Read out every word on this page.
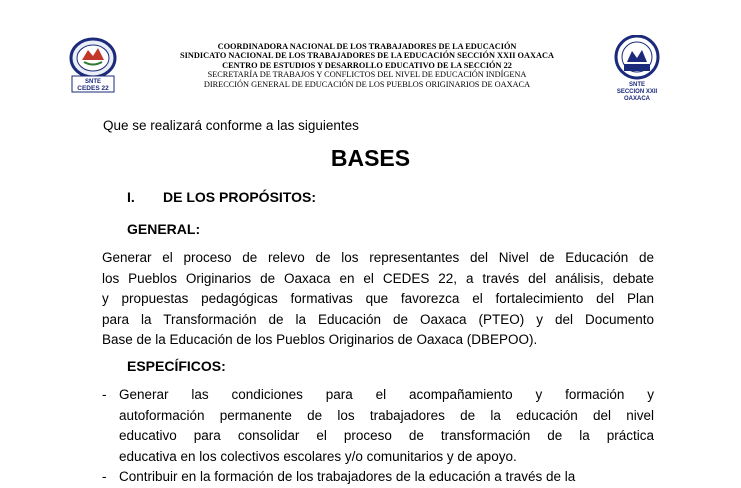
SNTE
CEDES 22
COORDINADORA NACIONAL DE LOS TRABAJADORES DE LA EDUCACIÓN
SINDICATO NACIONAL DE LOS TRABAJADORES DE LA EDUCACIÓN SECCIÓN XXII OAXACA
CENTRO DE ESTUDIOS Y DESARROLLO EDUCATIVO DE LA SECCIÓN 22
SECRETARÍA DE TRABAJOS Y CONFLICTOS DEL NIVEL DE EDUCACIÓN INDÍGENA
DIRECCIÓN GENERAL DE EDUCACIÓN DE LOS PUEBLOS ORIGINARIOS DE OAXACA	SNTE
SECCION XXII
OAXACA
Que se realizará conforme a las siguientes
BASES
I. DE LOS PROPÓSITOS:
GENERAL:
Generar el proceso de relevo de los representantes del Nivel de Educación de
los Pueblos Originarios de Oaxaca en el CEDES 22, a través del análisis, debate
y propuestas pedagógicas formativas que favorezca el fortalecimiento del Plan
para la Transformación de la Educación de Oaxaca (PTEO) y del Documento
Base de la Educación de los Pueblos Originarios de Oaxaca (DBEPOO).
ESPECÍFICOS:
- Generar las condiciones para el acompañamiento y formación y
autoformación permanente de los trabajadores de la educación del nivel
educativo para consolidar el proceso de transformación de la práctica
educativa en los colectivos escolares y/o comunitarios y de apoyo.
- Contribuir en la formación de los trabajadores de la educación a través de la
